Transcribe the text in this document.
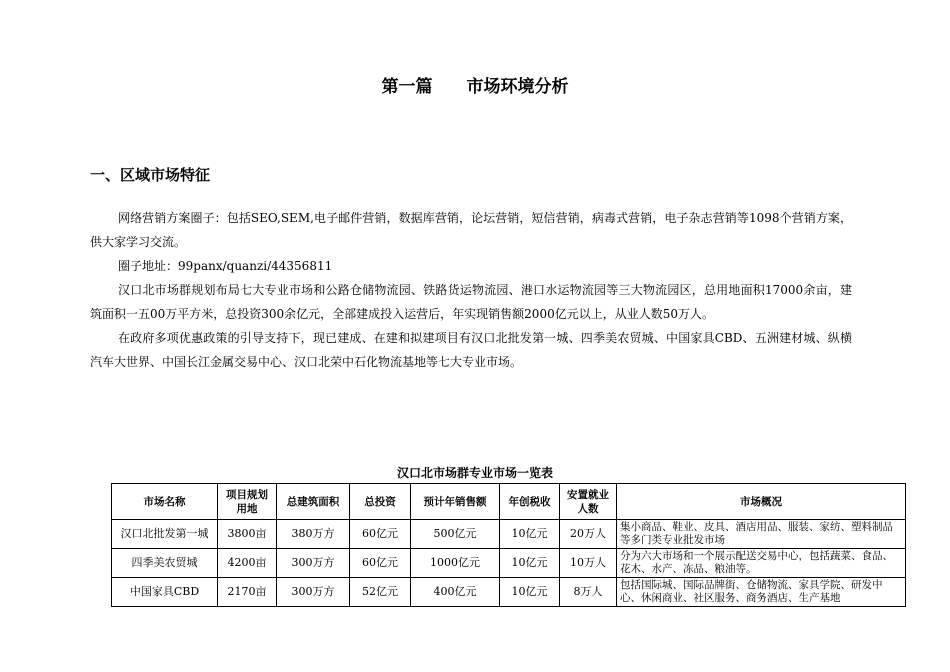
第一篇 市场环境分析
一、区域市场特征

网络营销方案圈子：包括SEO,SEM,电子邮件营销，数据库营销，论坛营销，短信营销，病毒式营销，电子杂志营销等1098个营销方案，供大家学习交流。

圈子地址：99panx/quanzi/44356811

汉口北市场群规划布局七大专业市场和公路仓储物流园、铁路货运物流园、港口水运物流园等三大物流园区，总用地面积17000余亩，建筑面积一五00万平方米，总投资300余亿元，全部建成投入运营后，年实现销售额2000亿元以上，从业人数50万人。

在政府多项优惠政策的引导支持下，现已建成、在建和拟建项目有汉口北批发第一城、四季美农贸城、中国家具CBD、五洲建材城、纵横汽车大世界、中国长江金属交易中心、汉口北荣中石化物流基地等七大专业市场。

汉口北市场群专业市场一览表
市场名称	项目规划用地	总建筑面积	总投资	预计年销售额	年创税收	安置就业人数	市场概况
汉口北批发第一城	3800亩	380万方	60亿元	500亿元	10亿元	20万人	集小商品、鞋业、皮具、酒店用品、服装、家纺、塑料制品等多门类专业批发市场
四季美农贸城	4200亩	300万方	60亿元	1000亿元	10亿元	10万人	分为六大市场和一个展示配送交易中心，包括蔬菜、食品、花木、水产、冻品、粮油等。
中国家具CBD	2170亩	300万方	52亿元	400亿元	10亿元	8万人	包括国际城、国际品牌街、仓储物流、家具学院、研发中心、休闲商业、社区服务、商务酒店、生产基地
